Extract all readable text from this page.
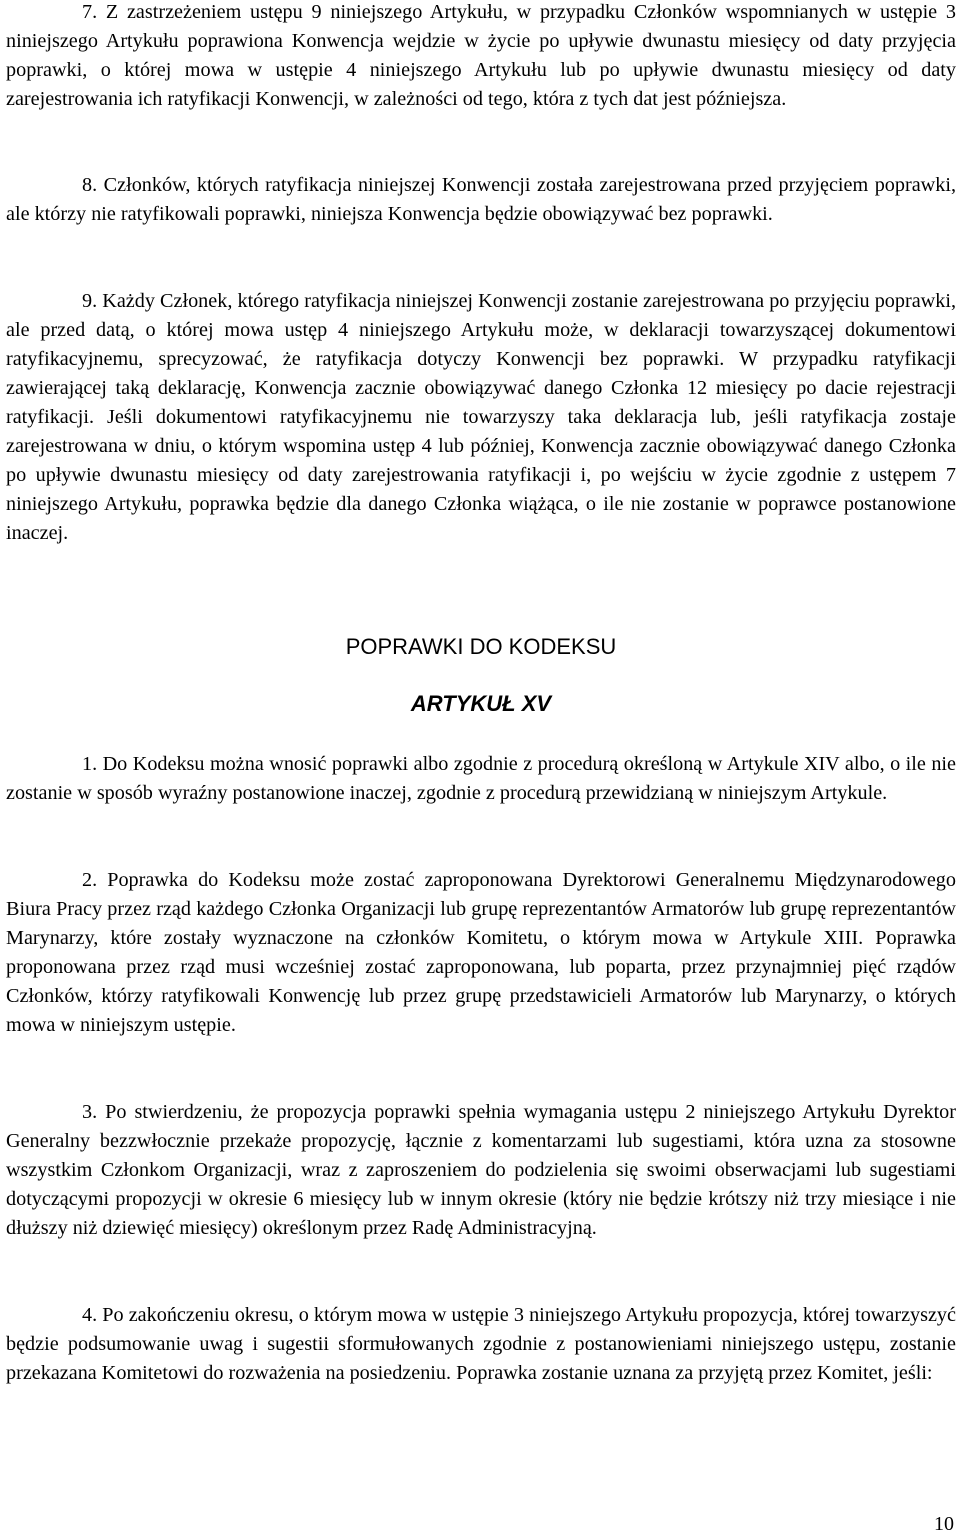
7. Z zastrzeżeniem ustępu 9 niniejszego Artykułu, w przypadku Członków wspomnianych w ustępie 3 niniejszego Artykułu poprawiona Konwencja wejdzie w życie po upływie dwunastu miesięcy od daty przyjęcia poprawki, o której mowa w ustępie 4 niniejszego Artykułu lub po upływie dwunastu miesięcy od daty zarejestrowania ich ratyfikacji Konwencji, w zależności od tego, która z tych dat jest późniejsza.

8. Członków, których ratyfikacja niniejszej Konwencji została zarejestrowana przed przyjęciem poprawki, ale którzy nie ratyfikowali poprawki, niniejsza Konwencja będzie obowiązywać bez poprawki.

9. Każdy Członek, którego ratyfikacja niniejszej Konwencji zostanie zarejestrowana po przyjęciu poprawki, ale przed datą, o której mowa ustęp 4 niniejszego Artykułu może, w deklaracji towarzyszącej dokumentowi ratyfikacyjnemu, sprecyzować, że ratyfikacja dotyczy Konwencji bez poprawki. W przypadku ratyfikacji zawierającej taką deklarację, Konwencja zacznie obowiązywać danego Członka 12 miesięcy po dacie rejestracji ratyfikacji. Jeśli dokumentowi ratyfikacyjnemu nie towarzyszy taka deklaracja lub, jeśli ratyfikacja zostaje zarejestrowana w dniu, o którym wspomina ustęp 4 lub później, Konwencja zacznie obowiązywać danego Członka po upływie dwunastu miesięcy od daty zarejestrowania ratyfikacji i, po wejściu w życie zgodnie z ustępem 7 niniejszego Artykułu, poprawka będzie dla danego Członka wiążąca, o ile nie zostanie w poprawce postanowione inaczej.

POPRAWKI DO KODEKSU
ARTYKUŁ XV

1. Do Kodeksu można wnosić poprawki albo zgodnie z procedurą określoną w Artykule XIV albo, o ile nie zostanie w sposób wyraźny postanowione inaczej, zgodnie z procedurą przewidzianą w niniejszym Artykule.

2. Poprawka do Kodeksu może zostać zaproponowana Dyrektorowi Generalnemu Międzynarodowego Biura Pracy przez rząd każdego Członka Organizacji lub grupę reprezentantów Armatorów lub grupę reprezentantów Marynarzy, które zostały wyznaczone na członków Komitetu, o którym mowa w Artykule XIII. Poprawka proponowana przez rząd musi wcześniej zostać zaproponowana, lub poparta, przez przynajmniej pięć rządów Członków, którzy ratyfikowali Konwencję lub przez grupę przedstawicieli Armatorów lub Marynarzy, o których mowa w niniejszym ustępie.

3. Po stwierdzeniu, że propozycja poprawki spełnia wymagania ustępu 2 niniejszego Artykułu Dyrektor Generalny bezzwłocznie przekaże propozycję, łącznie z komentarzami lub sugestiami, która uzna za stosowne wszystkim Członkom Organizacji, wraz z zaproszeniem do podzielenia się swoimi obserwacjami lub sugestiami dotyczącymi propozycji w okresie 6 miesięcy lub w innym okresie (który nie będzie krótszy niż trzy miesiące i nie dłuższy niż dziewięć miesięcy) określonym przez Radę Administracyjną.

4. Po zakończeniu okresu, o którym mowa w ustępie 3 niniejszego Artykułu propozycja, której towarzyszyć będzie podsumowanie uwag i sugestii sformułowanych zgodnie z postanowieniami niniejszego ustępu, zostanie przekazana Komitetowi do rozważenia na posiedzeniu. Poprawka zostanie uznana za przyjętą przez Komitet, jeśli:

10
